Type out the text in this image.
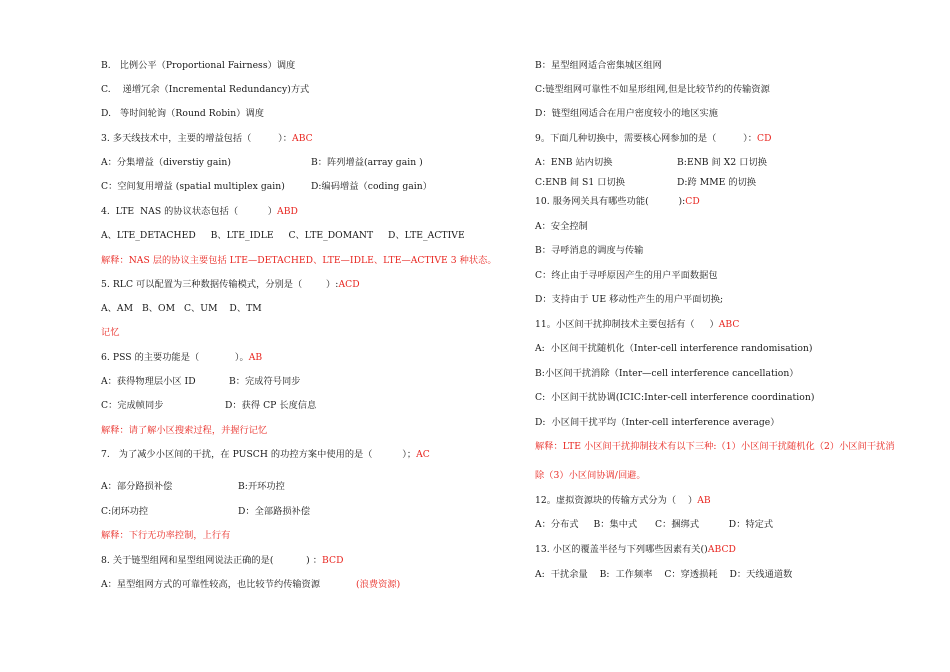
B.   比例公平（Proportional Fairness）调度
C.    递增冗余（Incremental Redundancy)方式
D.   等时间轮询（Round Robin）调度
3. 多天线技术中，主要的增益包括（         ）：ABC
A：分集增益（diverstiy gain)	B：阵列增益(array gain )
C：空间复用增益 (spatial multiplex gain)	D:编码增益（coding gain）
4.  LTE  NAS 的协议状态包括（          ）ABD
A、LTE_DETACHED     B、LTE_IDLE     C、LTE_DOMANT     D、LTE_ACTIVE
解释：NAS 层的协议主要包括 LTE—DETACHED、LTE—IDLE、LTE—ACTIVE 3 种状态。
5. RLC 可以配置为三种数据传输模式，分别是（        ）:ACD
A、AM   B、OM   C、UM    D、TM
记忆
6. PSS 的主要功能是（            ）。AB
A：获得物理层小区 ID	B：完成符号同步
C：完成帧同步	D：获得 CP 长度信息
解释：请了解小区搜索过程，并握行记忆
7.   为了减少小区间的干扰，在 PUSCH 的功控方案中使用的是（          ）；AC
A：部分路损补偿	B:开环功控
C:闭环功控	D：全部路损补偿
解释：下行无功率控制，上行有
8. 关于链型组网和星型组网说法正确的是(           ) ：BCD
A：星型组网方式的可靠性较高，也比较节约传输资源	(浪费资源)
B：星型组网适合密集城区组网
C:链型组网可靠性不如星形组网,但是比较节约的传输资源
D：链型组网适合在用户密度较小的地区实施
9。下面几种切换中，需要核心网参加的是（         ）：CD
A：ENB 站内切换	B:ENB 间 X2 口切换
C:ENB 间 S1 口切换	D:跨 MME 的切换
10. 服务网关具有哪些功能(          ):CD
A：安全控制
B：寻呼消息的调度与传输
C：终止由于寻呼原因产生的用户平面数据包
D：支持由于 UE 移动性产生的用户平面切换;
11。小区间干扰抑制技术主要包括有（     ）ABC
A:  小区间干扰随机化（Inter-cell interference randomisation)
B:小区间干扰消除（Inter—cell interference cancellation）
C:  小区间干扰协调(ICIC:Inter-cell interference coordination)
D:  小区间干扰平均（Inter-cell interference average）
解释：LTE 小区间干扰抑制技术有以下三种:（1）小区间干扰随机化（2）小区间干扰消
除（3）小区间协调/回避。
12。虚拟资源块的传输方式分为（    ）AB
A：分布式     B：集中式      C：捆绑式          D：特定式
13. 小区的覆盖半径与下列哪些因素有关()ABCD
A:  干扰余量    B:  工作频率    C：穿透损耗    D：天线通道数
